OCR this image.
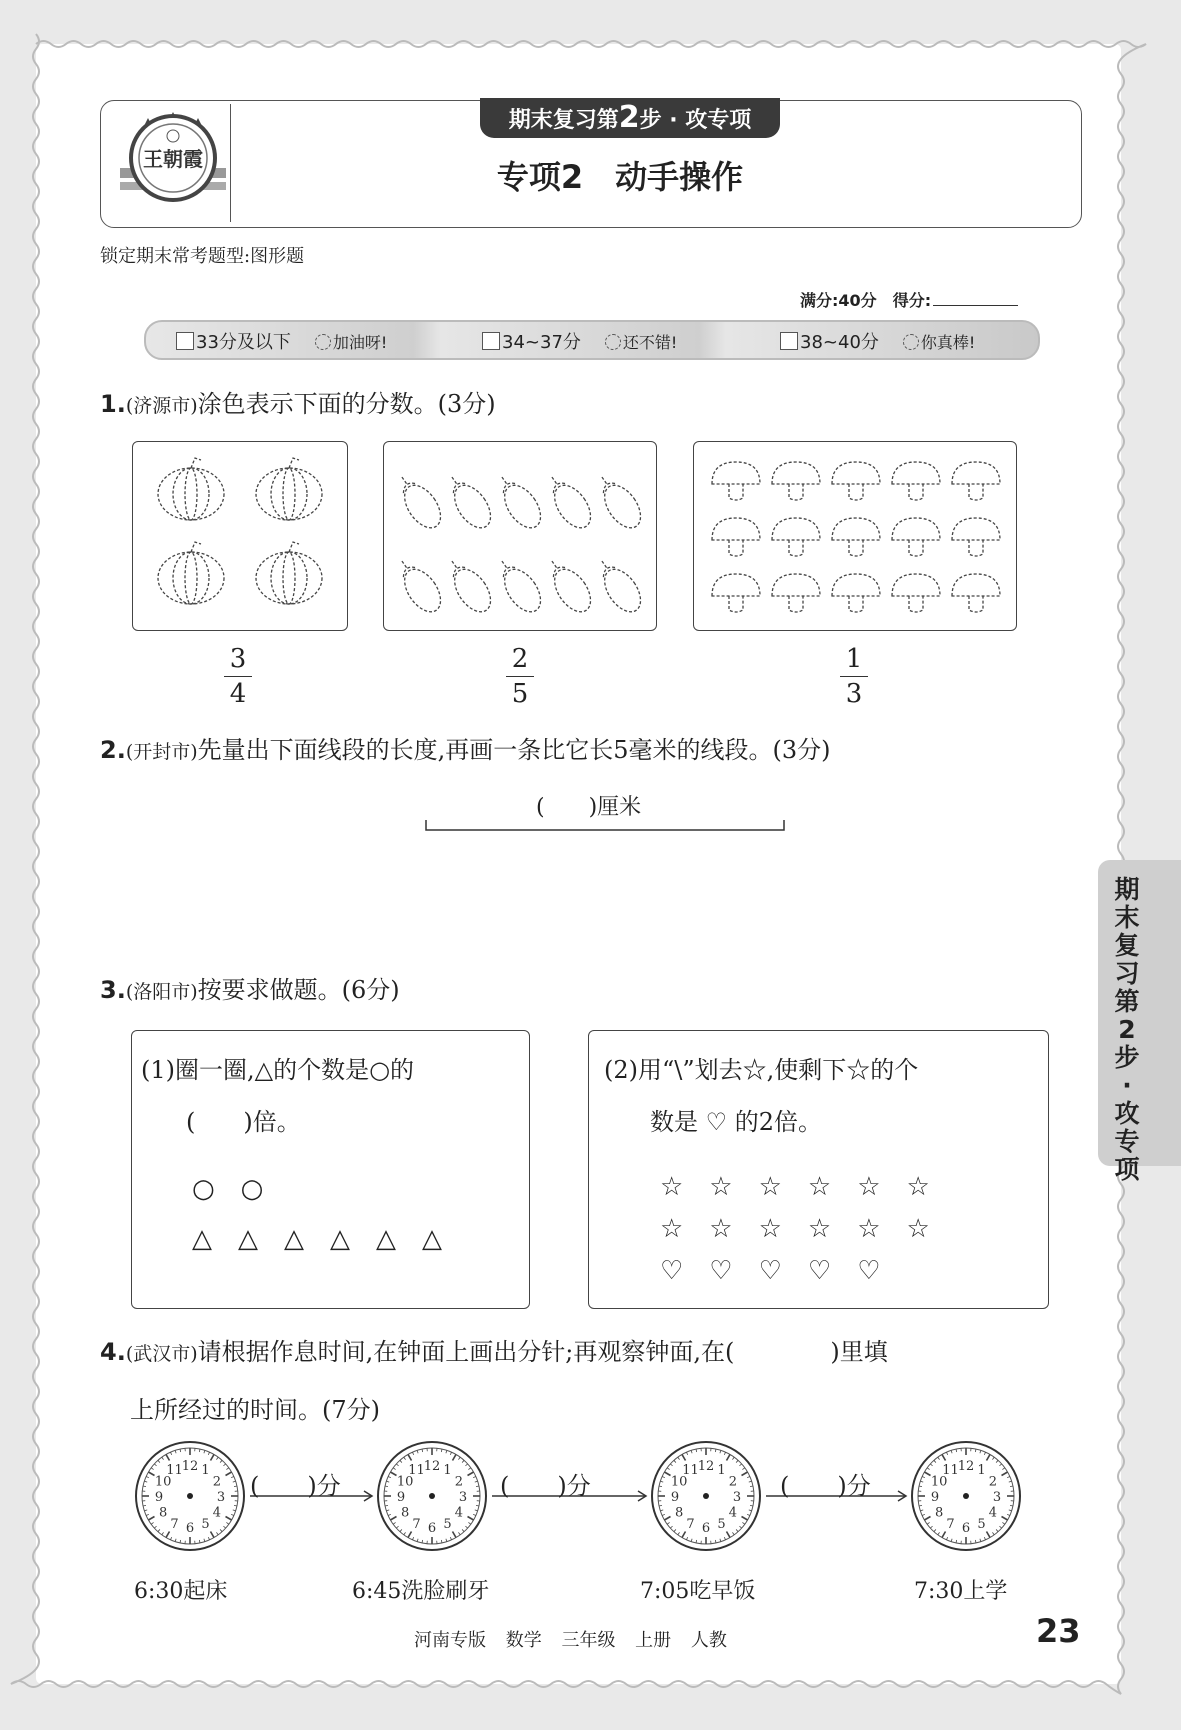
王朝霞
期末复习第2步 · 攻专项
专项2　动手操作
锁定期末常考题型:图形题
满分:40分　 得分:
33分及以下	加油呀!	34~37分	还不错!	38~40分	你真棒!
1.(济源市)涂色表示下面的分数。(3分)
3
4
2
5
1
3
2.(开封市)先量出下面线段的长度,再画一条比它长5毫米的线段。(3分)
(　　)厘米
3.(洛阳市)按要求做题。(6分)
(1)圈一圈,△的个数是○的
(　　)倍。
○　○
△　△　△　△　△　△
(2)用“\”划去☆,使剩下☆的个
数是 ♡ 的2倍。
☆　☆　☆　☆　☆　☆
☆　☆　☆　☆　☆　☆
♡　♡　♡　♡　♡
4.(武汉市)请根据作息时间,在钟面上画出分针;再观察钟面,在(　　　　)里填
上所经过的时间。(7分)
12 1
2
3
4
5
6
7
8
9
10
11	12 1
2
3
4
5
6
7
8
9
10
11	12 1
2
3
4
5
6
7
8
9
10
11	12 1
2
3
4
5
6
7
8
9
10
11
(　　)分	(　　)分	(　　)分
6:30起床	6:45洗脸刷牙	7:05吃早饭	7:30上学
期末复习第2步·攻专项
河南专版 数学 三年级 上册 人教	23
